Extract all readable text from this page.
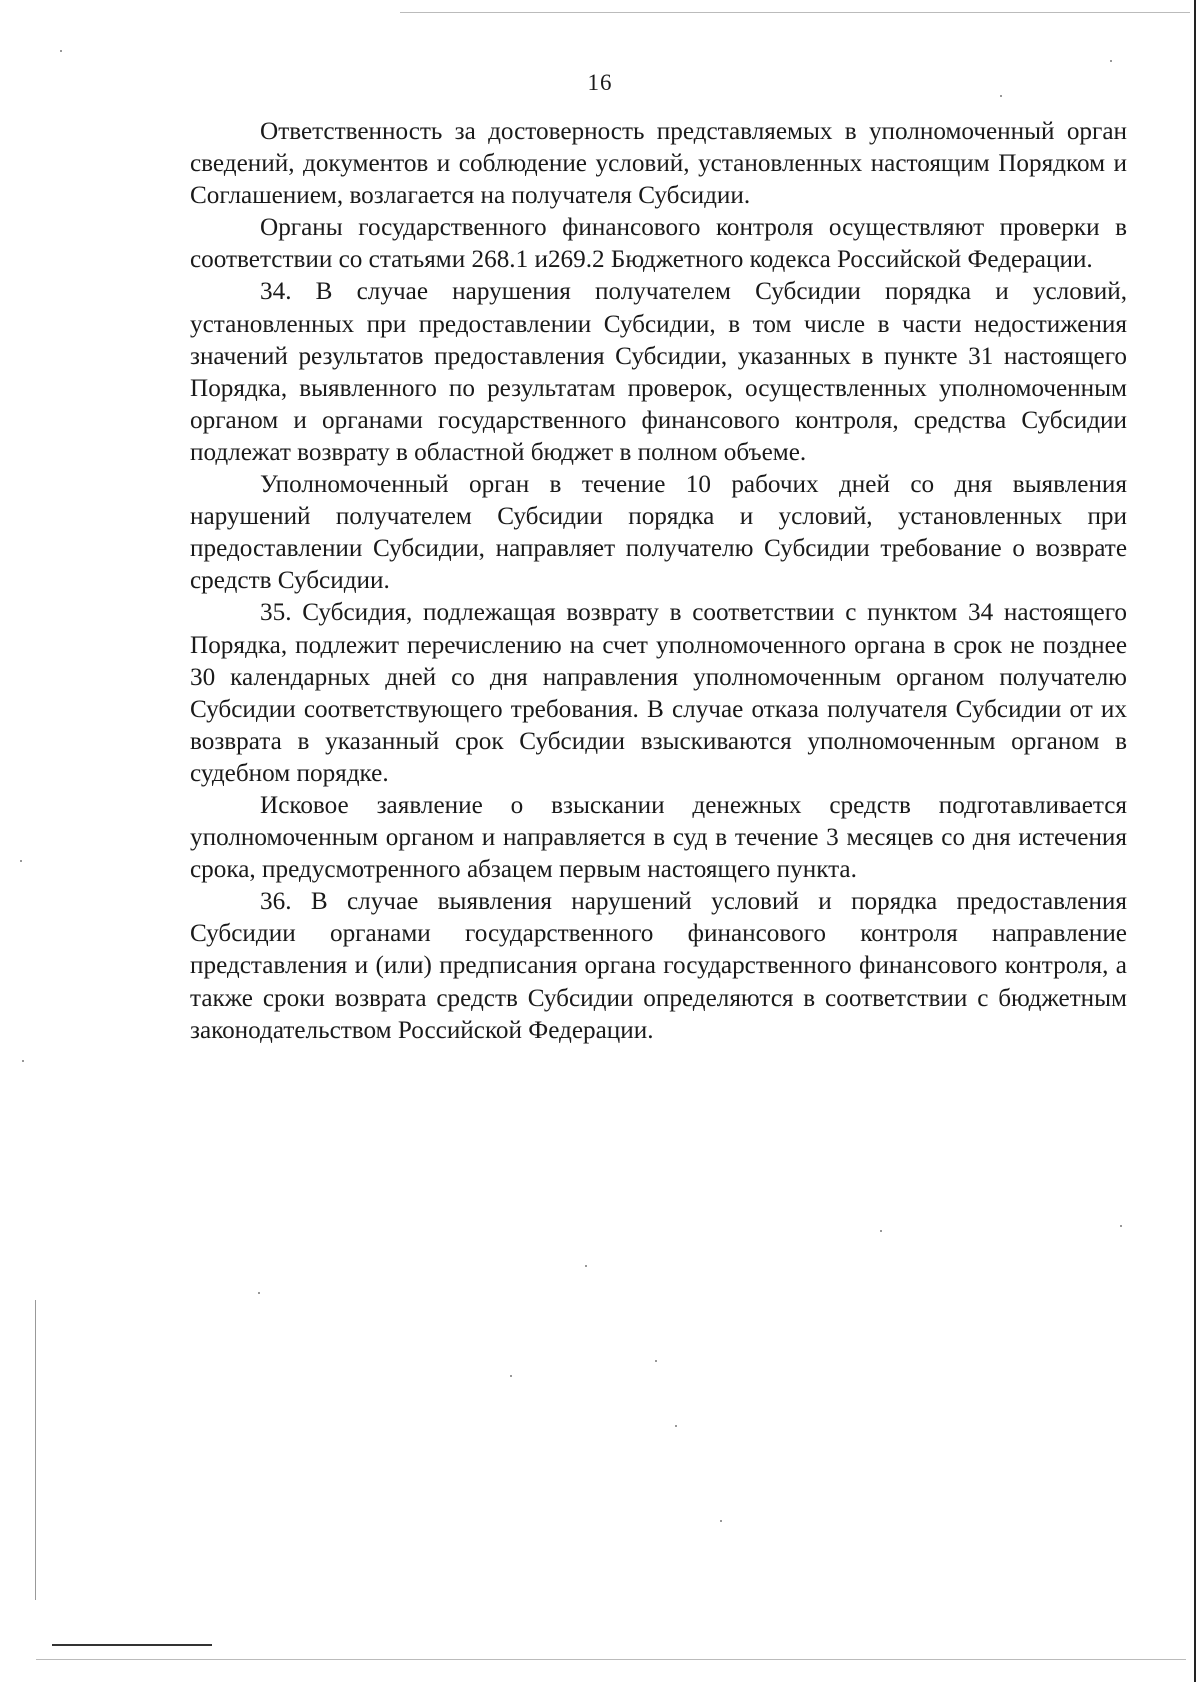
16

Ответственность за достоверность представляемых в уполномоченный орган сведений, документов и соблюдение условий, установленных настоящим Порядком и Соглашением, возлагается на получателя Субсидии.

Органы государственного финансового контроля осуществляют проверки в соответствии со статьями 268.1 и269.2 Бюджетного кодекса Российской Федерации.

34. В случае нарушения получателем Субсидии порядка и условий, установленных при предоставлении Субсидии, в том числе в части недостижения значений результатов предоставления Субсидии, указанных в пункте 31 настоящего Порядка, выявленного по результатам проверок, осуществленных уполномоченным органом и органами государственного финансового контроля, средства Субсидии подлежат возврату в областной бюджет в полном объеме.

Уполномоченный орган в течение 10 рабочих дней со дня выявления нарушений получателем Субсидии порядка и условий, установленных при предоставлении Субсидии, направляет получателю Субсидии требование о возврате средств Субсидии.

35. Субсидия, подлежащая возврату в соответствии с пунктом 34 настоящего Порядка, подлежит перечислению на счет уполномоченного органа в срок не позднее 30 календарных дней со дня направления уполномоченным органом получателю Субсидии соответствующего требования. В случае отказа получателя Субсидии от их возврата в указанный срок Субсидии взыскиваются уполномоченным органом в судебном порядке.

Исковое заявление о взыскании денежных средств подготавливается уполномоченным органом и направляется в суд в течение 3 месяцев со дня истечения срока, предусмотренного абзацем первым настоящего пункта.

36. В случае выявления нарушений условий и порядка предоставления Субсидии органами государственного финансового контроля направление представления и (или) предписания органа государственного финансового контроля, а также сроки возврата средств Субсидии определяются в соответствии с бюджетным законодательством Российской Федерации.
